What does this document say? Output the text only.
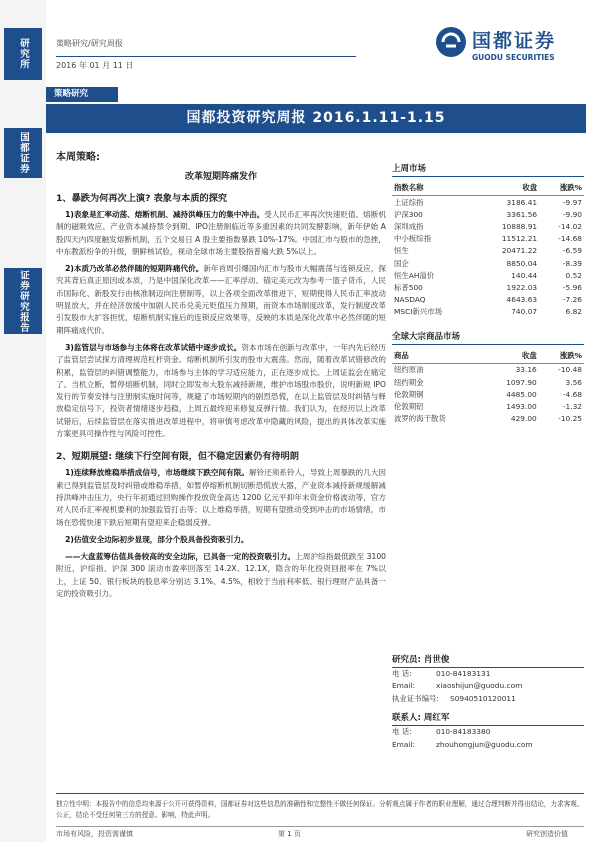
研究所
国都证券
证券研究报告
策略研究/研究周报
2016 年 01 月 11 日
国都证券
GUODU SECURITIES
策略研究
国都投资研究周报 2016.1.11-1.15
本周策略:
改革短期阵痛发作
1、暴跌为何再次上演? 表象与本质的探究

1)表象是汇率动荡、熔断机制、减持洪峰压力的集中冲击。受人民币汇率再次快速贬值、熔断机制的磁吸效应、产业资本减持禁令到期、IPO注册制临近等多重因素的共同发酵影响，新年伊始 A 股四天内四度触发熔断机制，五个交易日 A 股主要指数暴跌 10%-17%。中国汇市与股市的急挫，中东教派纷争的升级，朝鲜核试验，视动全球市场主要股指普遍大跌 5%以上。

2)本质乃改革必然伴随的短期阵痛代价。新年首周引爆国内汇市与股市大幅震荡与连锁反应，探究其背后真正原因或本质，乃是中国深化改革——汇率浮动、锚定美元改为参考一篮子货币，人民币国际化、新股发行由核准制迈向注册制等，以上各项全面改革推进下，短期使得人民币汇率波动明显放大，并在经济放缓中加剧人民币兑美元贬值压力预期，而资本市场制度改革，发行制度改革引发股市大扩容担忧，熔断机制实施后的连锁反应效果等，反映的本质是深化改革中必然伴随的短期阵痛成代价。

3)监管层与市场参与主体将在改革试错中逐步成长。资本市场在创新与改革中，一年内先后经历了监管层尝试探方清理规范杠杆资金、熔断机制所引发的股市大震荡。然而，随着改革试错修改的积累，监管层的纠错调整能力，市场参与主体的学习适应能力，正在逐步成长。上周证监会在痛定了。当机立断，暂停熔断机制，同时立即发布大股东减持新规，维护市场股市股价，说明新规 IPO 发行的节奏安排与注册制实施时间等，规避了市场短期内的剧烈恐慌，在以上监管层及时纠错与释放稳定信号下，投资者情绪逐步趋稳，上周五最终迎来修复反弹行情。我们认为，在经历以上改革试错后，后续监管层在落实推进改革进程中，将审慎考虑改革中隐藏的风险，提出的具体改革实施方案更具可操作性与风险可控性。

2、短期展望: 继续下行空间有限，但不稳定因素仍有待明朗

1)连续释放维稳举措成信号，市场继续下跌空间有限。解铃还须系铃人，导致上周暴跌的几大因素已得到监管层及时纠错或维稳举措，如暂停熔断机制切断恐慌放大器，产业资本减持新规缓解减持洪峰冲击压力，央行年初通过回购操作投放资金高达 1200 亿元平抑年末资金价格波动等，官方对人民币汇率视机要利的加强监管打击等；以上维稳举措，短期有望推动受到冲击的市场情绪，市场在恐慌快速下跌后短期有望迎来企稳弱反弹。

2)估值安全边际初步显现，部分个股具备投资吸引力。

——大盘蓝筹估值具备较高的安全边际，已具备一定的投资吸引力。上周沪综指最低跌至 3100 附近，沪综指、沪深 300 滚动市盈率回落至 14.2X、12.1X，隐含的年化投资回报率在 7%以上，上证 50、银行板块的股息率分别达 3.1%、4.5%，相较于当前利率低、银行理财产品具备一定的投资吸引力。

上周市场
指数名称	收盘	涨跌%
上证综指	3186.41	-9.97
沪深300	3361.56	-9.90
深圳成指	10888.91	-14.02
中小板综指	11512.21	-14.68
恒生	20471.22	-6.59
国企	8850.04	-8.39
恒生AH溢价	140.44	0.52
标普500	1922.03	-5.96
NASDAQ	4643.63	-7.26
MSCI新兴市场	740.07	6.82
全球大宗商品市场
商品	收盘	涨跌%
纽约原油	33.16	-10.48
纽约期金	1097.90	3.56
伦敦期铜	4485.00	-4.68
伦敦期铝	1493.00	-1.32
波罗的海干散货	429.00	-10.25
研究员: 肖世俊
电 话:	010-84183131
Email:	xiaoshijun@guodu.com
执业证书编号: S0940510120011
联系人: 周红军
电 话:	010-84183380
Email:	zhouhongjun@guodu.com
独立性申明：本报告中的信息均来源于公开可获得资料，国都证券对这些信息的准确性和完整性不做任何保证。分析观点属于作者的职业理解，通过合理判断并得出结论，力求客观、公正，结论不受任何第三方的授意、影响，特此声明。
市场有风险，投资需谨慎	第 1 页	研究创造价值
